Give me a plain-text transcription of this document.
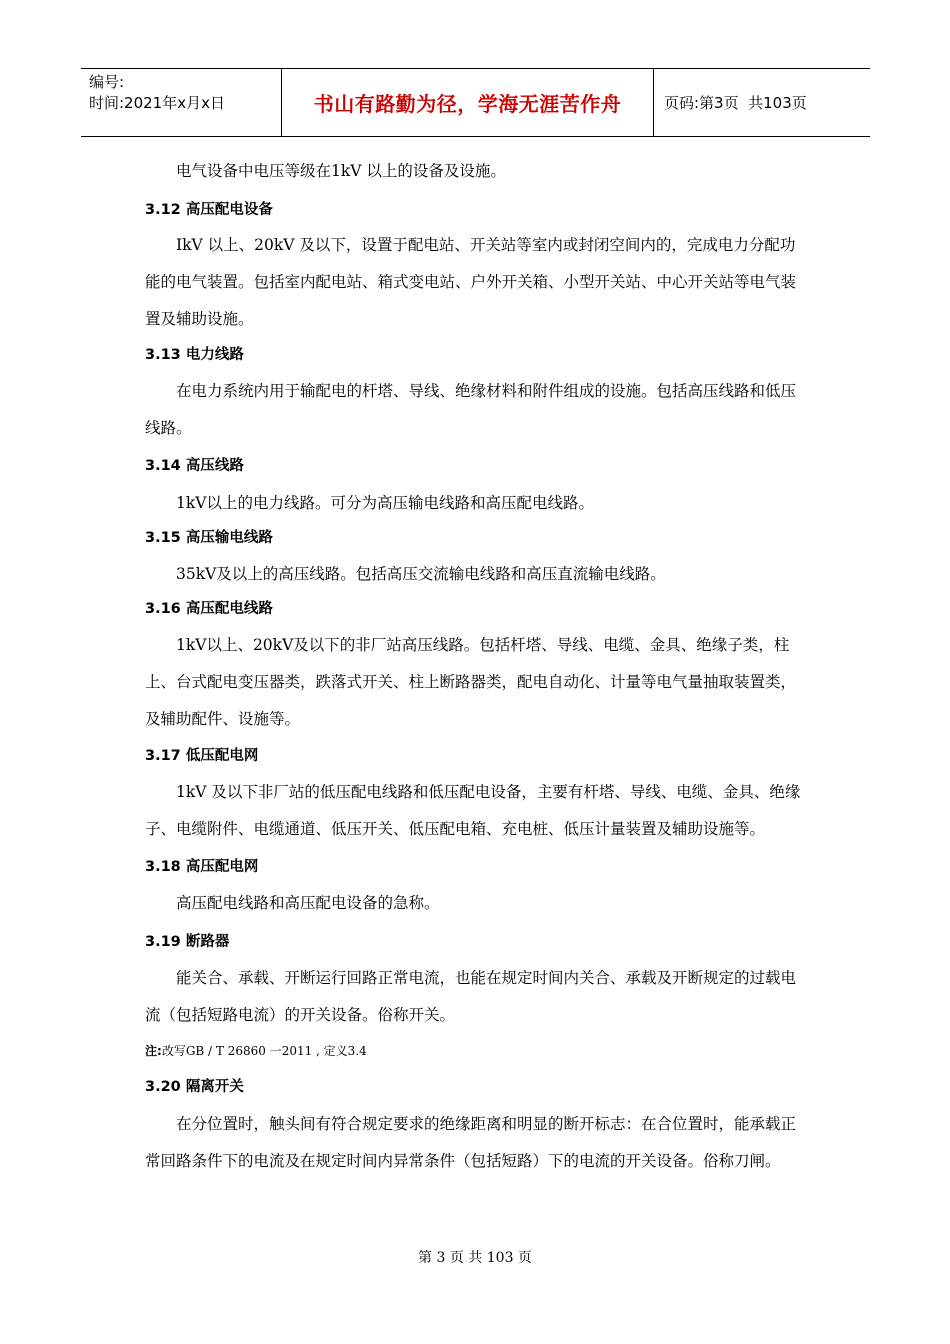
编号:
时间:2021年x月x日	书山有路勤为径，学海无涯苦作舟	页码:第3页  共103页

电气设备中电压等级在1kV 以上的设备及设施。

3.12 高压配电设备

IkV 以上、20kV 及以下，设置于配电站、开关站等室内或封闭空间内的，完成电力分配功能的电气装置。包括室内配电站、箱式变电站、户外开关箱、小型开关站、中心开关站等电气装置及辅助设施。

3.13 电力线路

在电力系统内用于输配电的杆塔、导线、绝缘材料和附件组成的设施。包括高压线路和低压线路。

3.14 高压线路

1kV以上的电力线路。可分为高压输电线路和高压配电线路。

3.15 高压输电线路

35kV及以上的高压线路。包括高压交流输电线路和高压直流输电线路。

3.16 高压配电线路

1kV以上、20kV及以下的非厂站高压线路。包括杆塔、导线、电缆、金具、绝缘子类，柱上、台式配电变压器类，跌落式开关、柱上断路器类，配电自动化、计量等电气量抽取装置类，及辅助配件、设施等。

3.17 低压配电网

1kV 及以下非厂站的低压配电线路和低压配电设备，主要有杆塔、导线、电缆、金具、绝缘子、电缆附件、电缆通道、低压开关、低压配电箱、充电桩、低压计量装置及辅助设施等。

3.18 高压配电网

高压配电线路和高压配电设备的急称。

3.19 断路器

能关合、承载、开断运行回路正常电流，也能在规定时间内关合、承载及开断规定的过载电流（包括短路电流）的开关设备。俗称开关。

注:改写GB / T 26860 一2011 , 定义3.4

3.20 隔离开关

在分位置时，触头间有符合规定要求的绝缘距离和明显的断开标志：在合位置时，能承载正常回路条件下的电流及在规定时间内异常条件（包括短路）下的电流的开关设备。俗称刀闸。

第 3 页 共 103 页
